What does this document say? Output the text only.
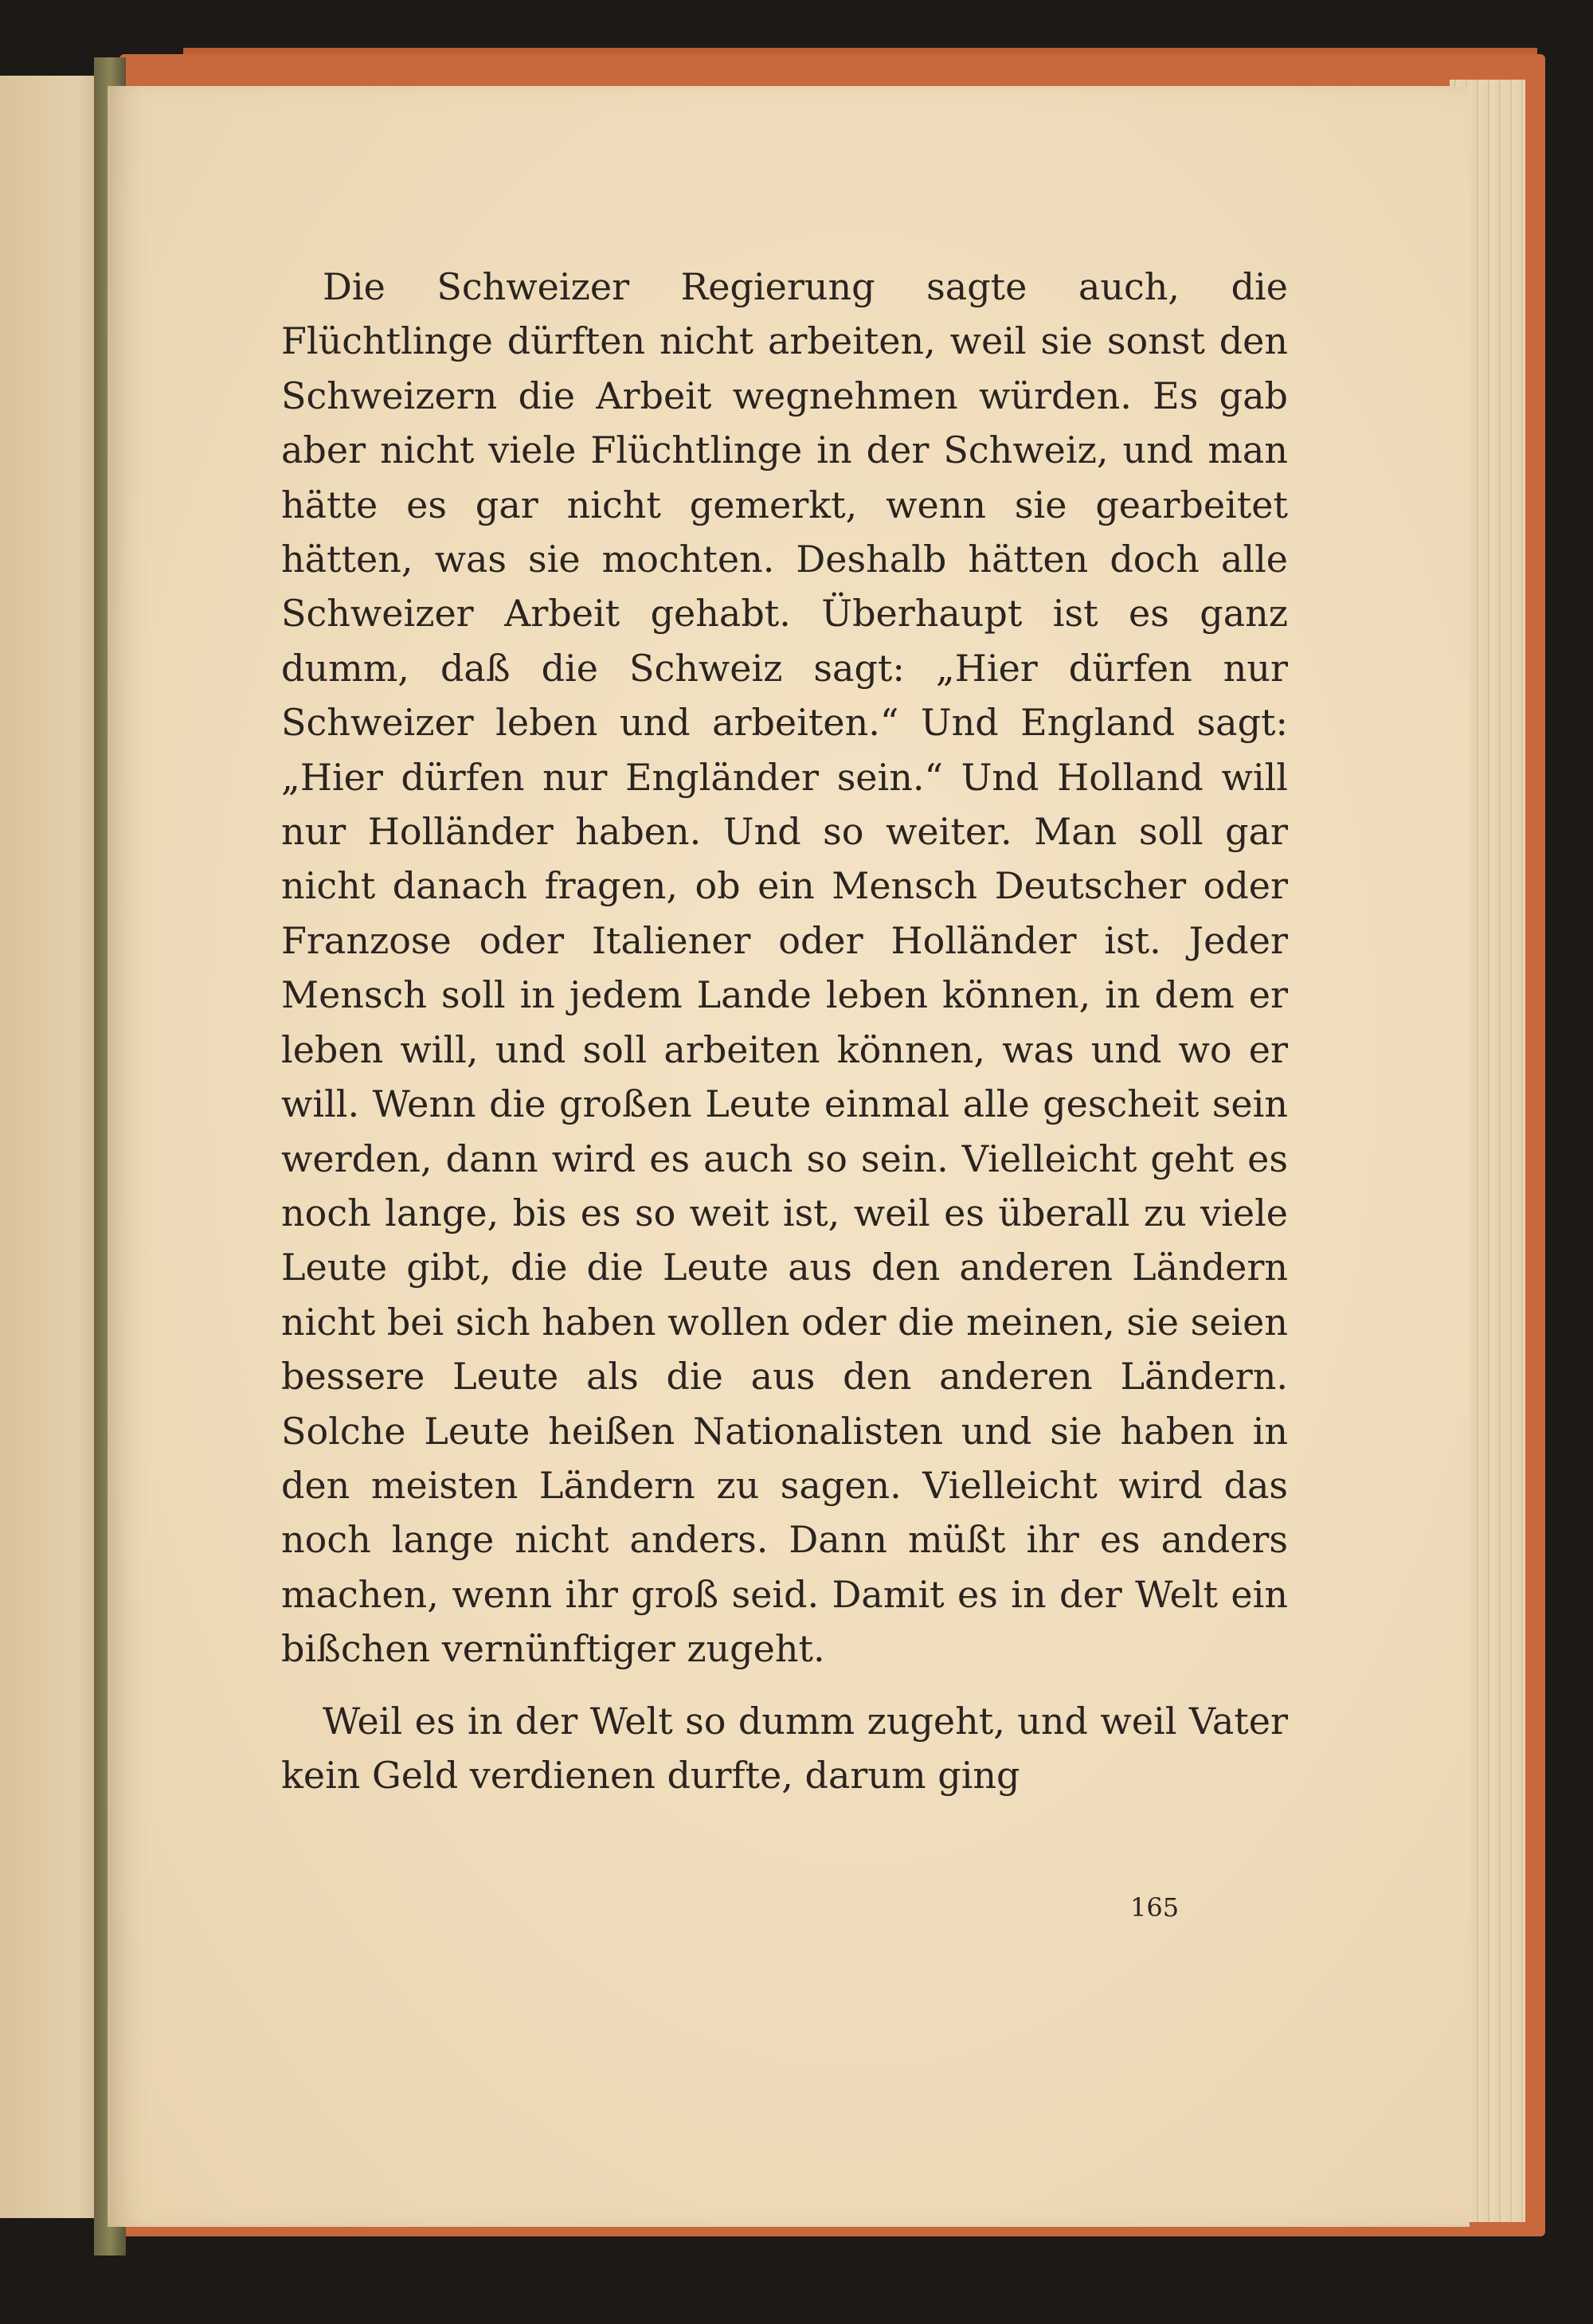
Die Schweizer Regierung sagte auch, die Flüchtlinge dürften nicht arbeiten, weil sie sonst den Schweizern die Arbeit wegnehmen würden. Es gab aber nicht viele Flüchtlinge in der Schweiz, und man hätte es gar nicht gemerkt, wenn sie gearbeitet hätten, was sie mochten. Deshalb hätten doch alle Schweizer Arbeit gehabt. Überhaupt ist es ganz dumm, daß die Schweiz sagt: „Hier dürfen nur Schweizer leben und arbeiten.“ Und England sagt: „Hier dürfen nur Engländer sein.“ Und Holland will nur Holländer haben. Und so weiter. Man soll gar nicht danach fragen, ob ein Mensch Deutscher oder Franzose oder Italiener oder Holländer ist. Jeder Mensch soll in jedem Lande leben können, in dem er leben will, und soll arbeiten können, was und wo er will. Wenn die großen Leute einmal alle gescheit sein werden, dann wird es auch so sein. Vielleicht geht es noch lange, bis es so weit ist, weil es überall zu viele Leute gibt, die die Leute aus den anderen Ländern nicht bei sich haben wollen oder die meinen, sie seien bessere Leute als die aus den anderen Ländern. Solche Leute heißen Nationalisten und sie haben in den meisten Ländern zu sagen. Vielleicht wird das noch lange nicht anders. Dann müßt ihr es anders machen, wenn ihr groß seid. Damit es in der Welt ein bißchen vernünftiger zugeht.

Weil es in der Welt so dumm zugeht, und weil Vater kein Geld verdienen durfte, darum ging

165
